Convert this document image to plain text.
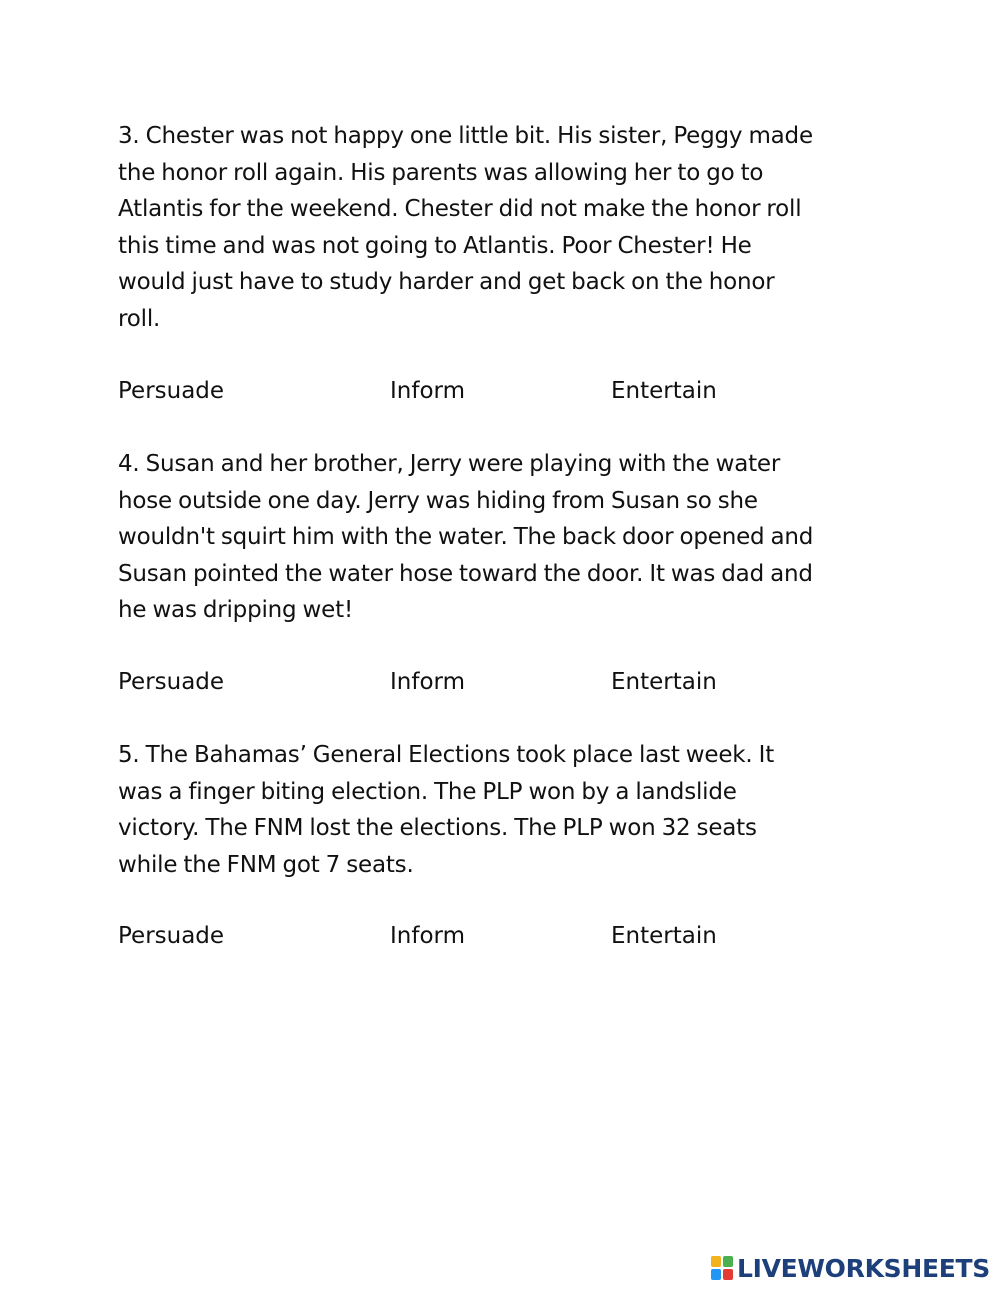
3. Chester was not happy one little bit. His sister, Peggy made
the honor roll again. His parents was allowing her to go to
Atlantis for the weekend. Chester did not make the honor roll
this time and was not going to Atlantis. Poor Chester! He
would just have to study harder and get back on the honor
roll.

Persuade	Inform	Entertain

4. Susan and her brother, Jerry were playing with the water
hose outside one day. Jerry was hiding from Susan so she
wouldn't squirt him with the water. The back door opened and
Susan pointed the water hose toward the door. It was dad and
he was dripping wet!

Persuade	Inform	Entertain

5. The Bahamas’ General Elections took place last week. It
was a finger biting election. The PLP won by a landslide
victory. The FNM lost the elections. The PLP won 32 seats
while the FNM got 7 seats.

Persuade	Inform	Entertain
LIVEWORKSHEETS
